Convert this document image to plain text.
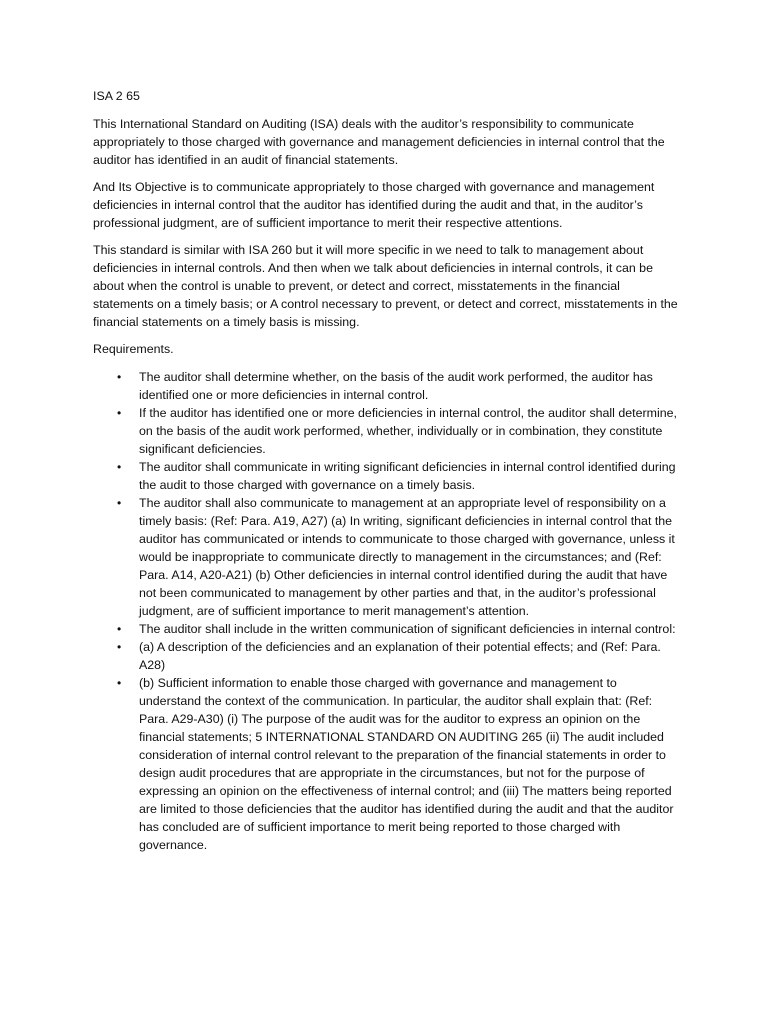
ISA 2 65

This International Standard on Auditing (ISA) deals with the auditor’s responsibility to communicate appropriately to those charged with governance and management deficiencies in internal control that the auditor has identified in an audit of financial statements.

And Its Objective is to communicate appropriately to those charged with governance and management deficiencies in internal control that the auditor has identified during the audit and that, in the auditor’s professional judgment, are of sufficient importance to merit their respective attentions.

This standard is similar with ISA 260 but it will more specific in we need to talk to management about deficiencies in internal controls. And then when we talk about deficiencies in internal controls, it can be about when the control is unable to prevent, or detect and correct, misstatements in the financial statements on a timely basis; or A control necessary to prevent, or detect and correct, misstatements in the financial statements on a timely basis is missing.

Requirements.
• The auditor shall determine whether, on the basis of the audit work performed, the auditor has identified one or more deficiencies in internal control.
• If the auditor has identified one or more deficiencies in internal control, the auditor shall determine, on the basis of the audit work performed, whether, individually or in combination, they constitute significant deficiencies.
• The auditor shall communicate in writing significant deficiencies in internal control identified during the audit to those charged with governance on a timely basis.
• The auditor shall also communicate to management at an appropriate level of responsibility on a timely basis: (Ref: Para. A19, A27) (a) In writing, significant deficiencies in internal control that the auditor has communicated or intends to communicate to those charged with governance, unless it would be inappropriate to communicate directly to management in the circumstances; and (Ref: Para. A14, A20-A21) (b) Other deficiencies in internal control identified during the audit that have not been communicated to management by other parties and that, in the auditor’s professional judgment, are of sufficient importance to merit management’s attention.
• The auditor shall include in the written communication of significant deficiencies in internal control:
• (a) A description of the deficiencies and an explanation of their potential effects; and (Ref: Para. A28)
• (b) Sufficient information to enable those charged with governance and management to understand the context of the communication. In particular, the auditor shall explain that: (Ref: Para. A29-A30) (i) The purpose of the audit was for the auditor to express an opinion on the financial statements; 5 INTERNATIONAL STANDARD ON AUDITING 265 (ii) The audit included consideration of internal control relevant to the preparation of the financial statements in order to design audit procedures that are appropriate in the circumstances, but not for the purpose of expressing an opinion on the effectiveness of internal control; and (iii) The matters being reported are limited to those deficiencies that the auditor has identified during the audit and that the auditor has concluded are of sufficient importance to merit being reported to those charged with governance.
